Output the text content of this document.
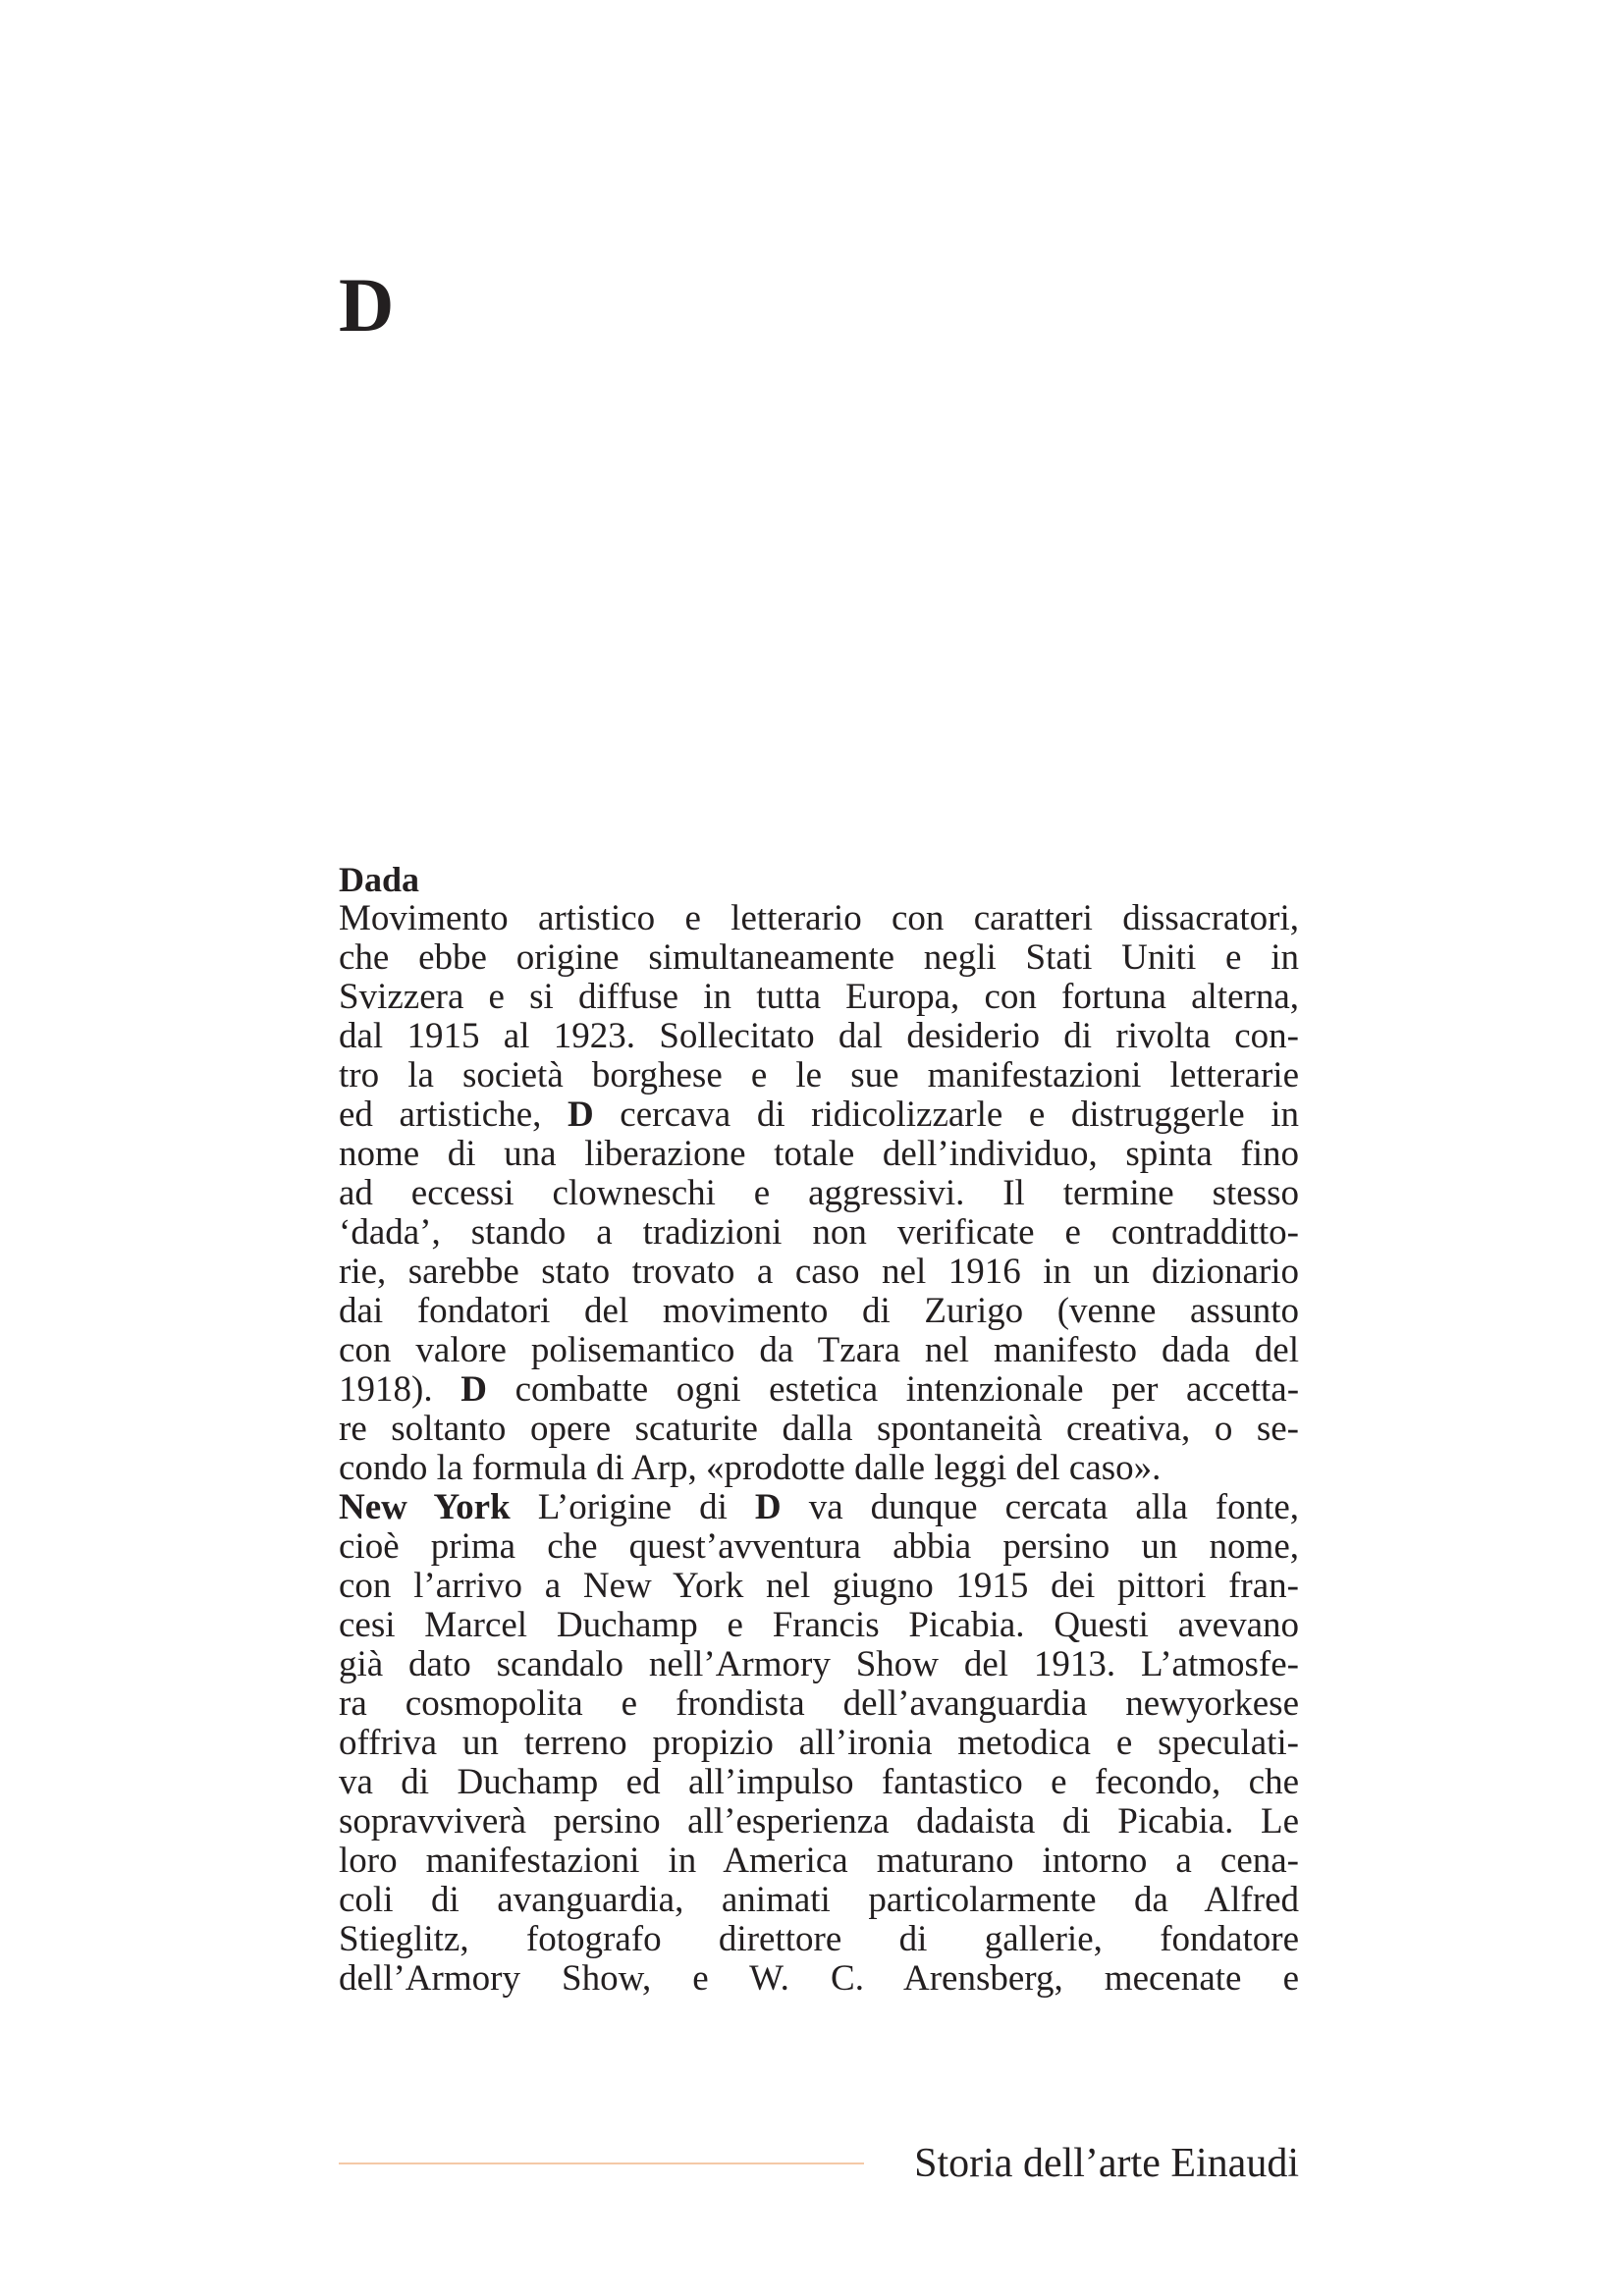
D
Dada

Movimento artistico e letterario con caratteri dissacratori,
che ebbe origine simultaneamente negli Stati Uniti e in
Svizzera e si diffuse in tutta Europa, con fortuna alterna,
dal 1915 al 1923. Sollecitato dal desiderio di rivolta con-
tro la società borghese e le sue manifestazioni letterarie
ed artistiche, D cercava di ridicolizzarle e distruggerle in
nome di una liberazione totale dell’individuo, spinta fino
ad eccessi clowneschi e aggressivi. Il termine stesso
‘dada’, stando a tradizioni non verificate e contradditto-
rie, sarebbe stato trovato a caso nel 1916 in un dizionario
dai fondatori del movimento di Zurigo (venne assunto
con valore polisemantico da Tzara nel manifesto dada del
1918). D combatte ogni estetica intenzionale per accetta-
re soltanto opere scaturite dalla spontaneità creativa, o se-
condo la formula di Arp, «prodotte dalle leggi del caso».
New York L’origine di D va dunque cercata alla fonte,
cioè prima che quest’avventura abbia persino un nome,
con l’arrivo a New York nel giugno 1915 dei pittori fran-
cesi Marcel Duchamp e Francis Picabia. Questi avevano
già dato scandalo nell’Armory Show del 1913. L’atmosfe-
ra cosmopolita e frondista dell’avanguardia newyorkese
offriva un terreno propizio all’ironia metodica e speculati-
va di Duchamp ed all’impulso fantastico e fecondo, che
sopravviverà persino all’esperienza dadaista di Picabia. Le
loro manifestazioni in America maturano intorno a cena-
coli di avanguardia, animati particolarmente da Alfred
Stieglitz, fotografo direttore di gallerie, fondatore
dell’Armory Show, e W. C. Arensberg, mecenate e

Storia dell’arte Einaudi
